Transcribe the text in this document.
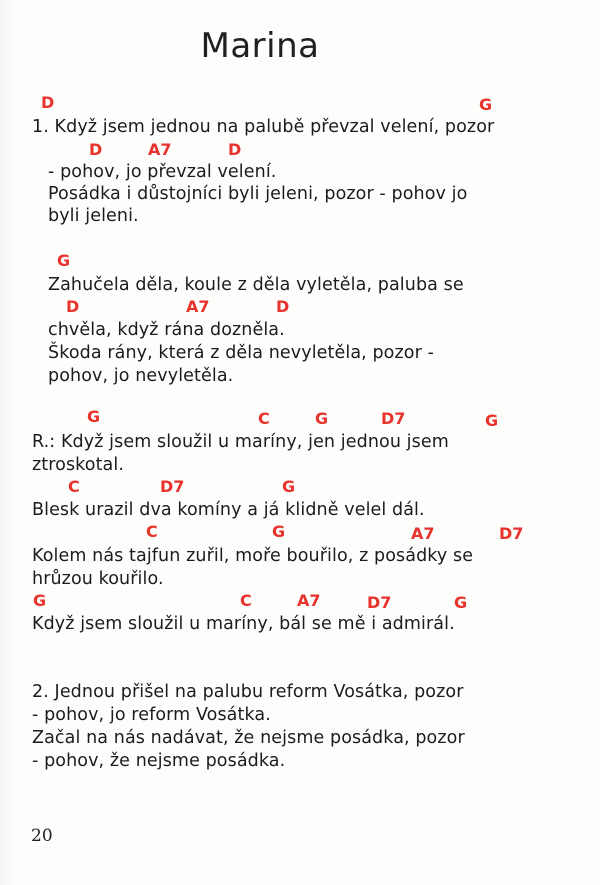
Marina
D	G
1. Když jsem jednou na palubě převzal velení, pozor
D	A7	D
- pohov, jo převzal velení.
Posádka i důstojníci byli jeleni, pozor - pohov jo
byli jeleni.
G
Zahučela děla, koule z děla vyletěla, paluba se
D	A7	D
chvěla, když rána dozněla.
Škoda rány, která z děla nevyletěla, pozor -
pohov, jo nevyletěla.
G	C	G	D7	G
R.: Když jsem sloužil u maríny, jen jednou jsem
ztroskotal.
C	D7	G
Blesk urazil dva komíny a já klidně velel dál.
C	G	A7	D7
Kolem nás tajfun zuřil, moře bouřilo, z posádky se
hrůzou kouřilo.
G	C	A7	D7	G
Když jsem sloužil u maríny, bál se mě i admirál.
2. Jednou přišel na palubu reform Vosátka, pozor
- pohov, jo reform Vosátka.
Začal na nás nadávat, že nejsme posádka, pozor
- pohov, že nejsme posádka.
20
